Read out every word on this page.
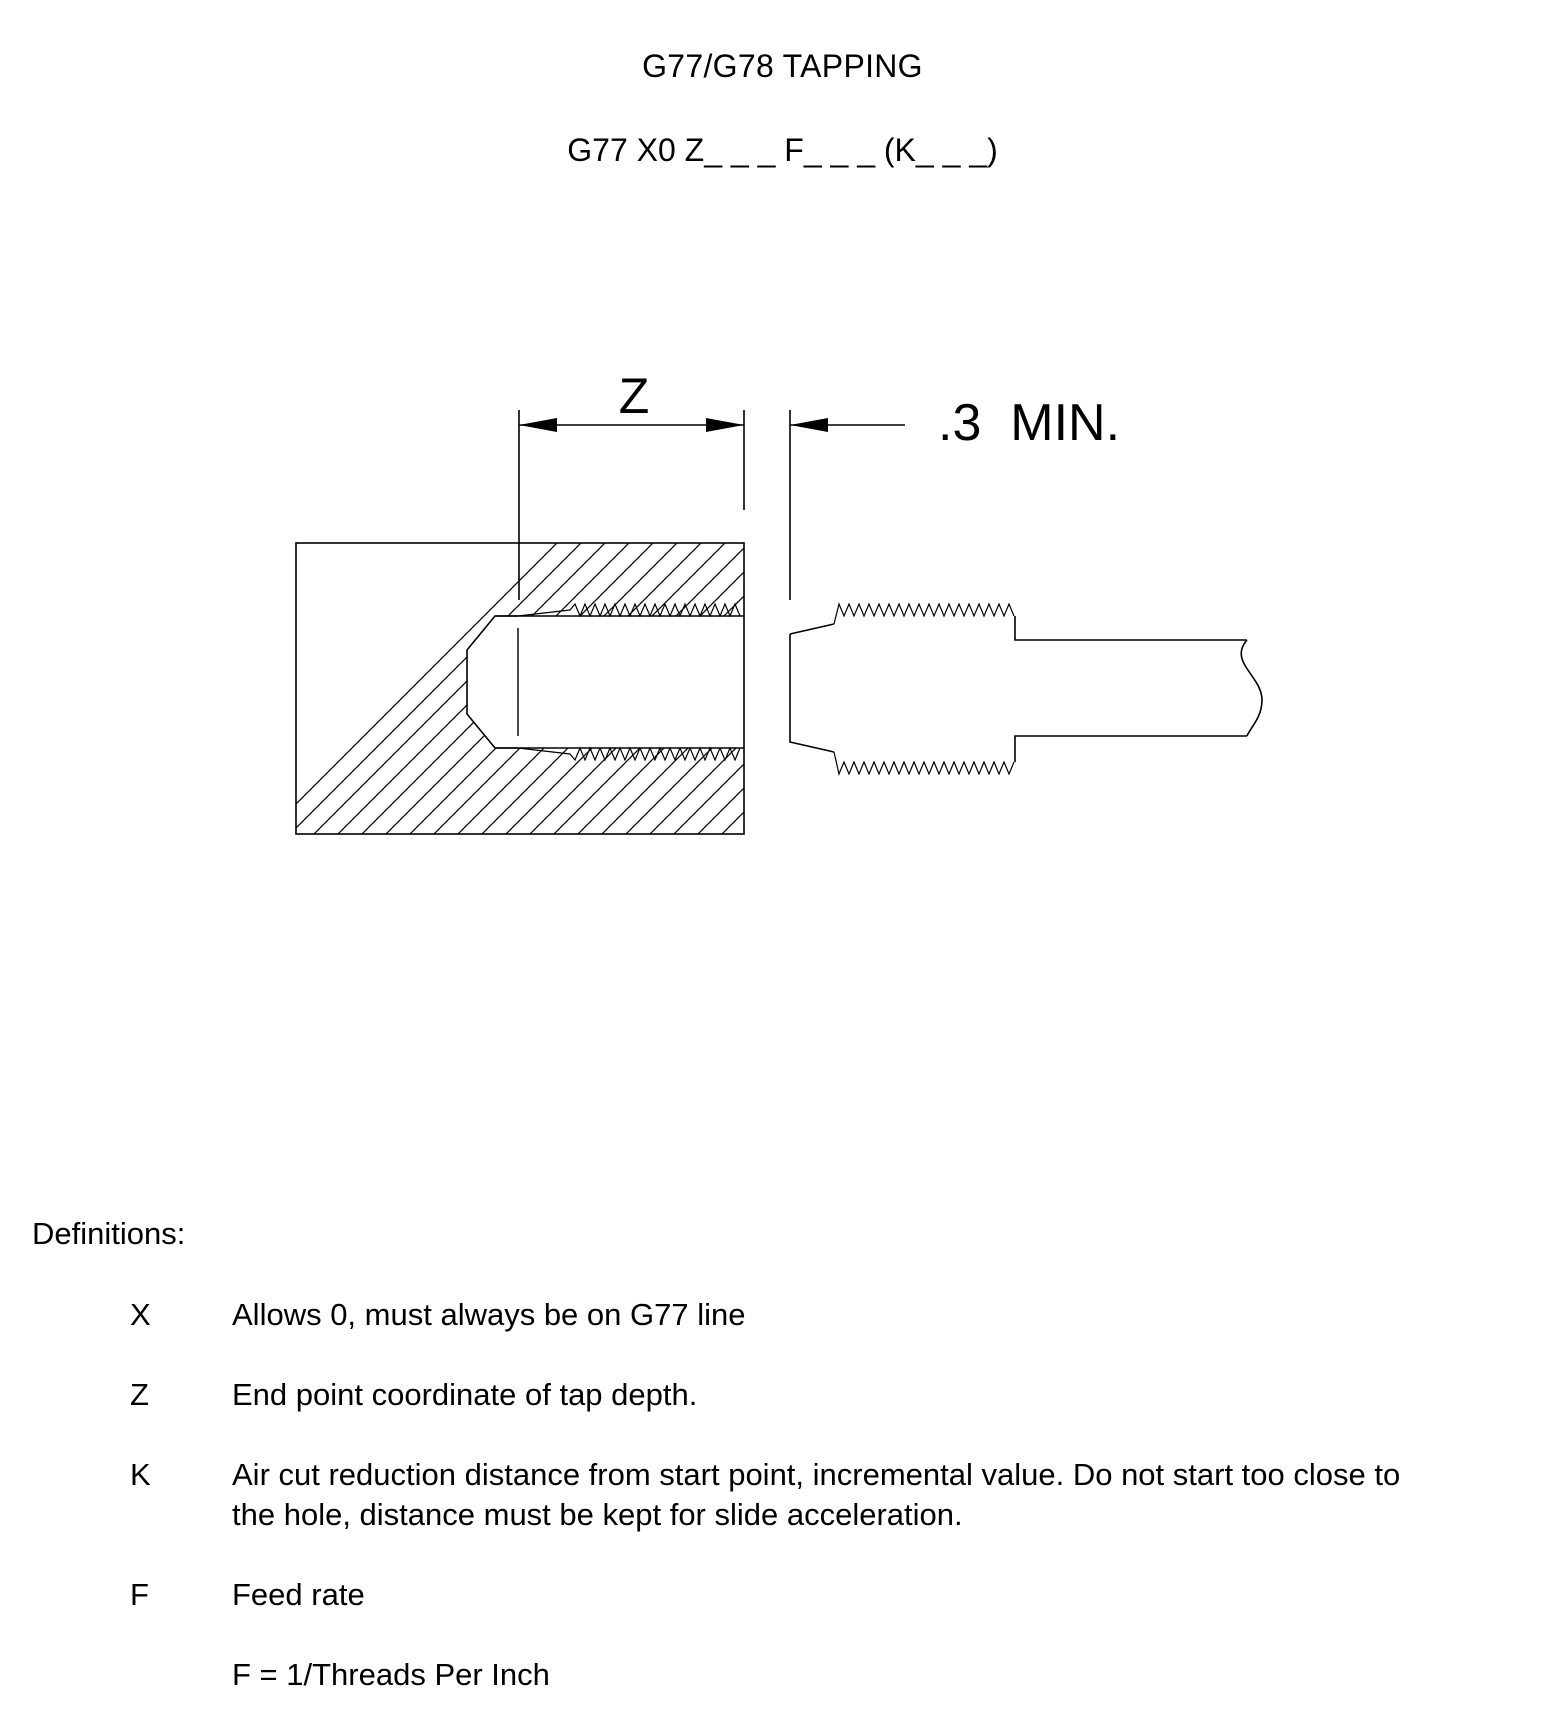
G77/G78 TAPPING
G77 X0 Z_ _ _ F_ _ _ (K_ _ _)
Z	.3  MIN.
Definitions:
X	Allows 0, must always be on G77 line
Z	End point coordinate of tap depth.
K	Air cut reduction distance from start point, incremental value. Do not start too close to
the hole, distance must be kept for slide acceleration.
F	Feed rate
F = 1/Threads Per Inch
